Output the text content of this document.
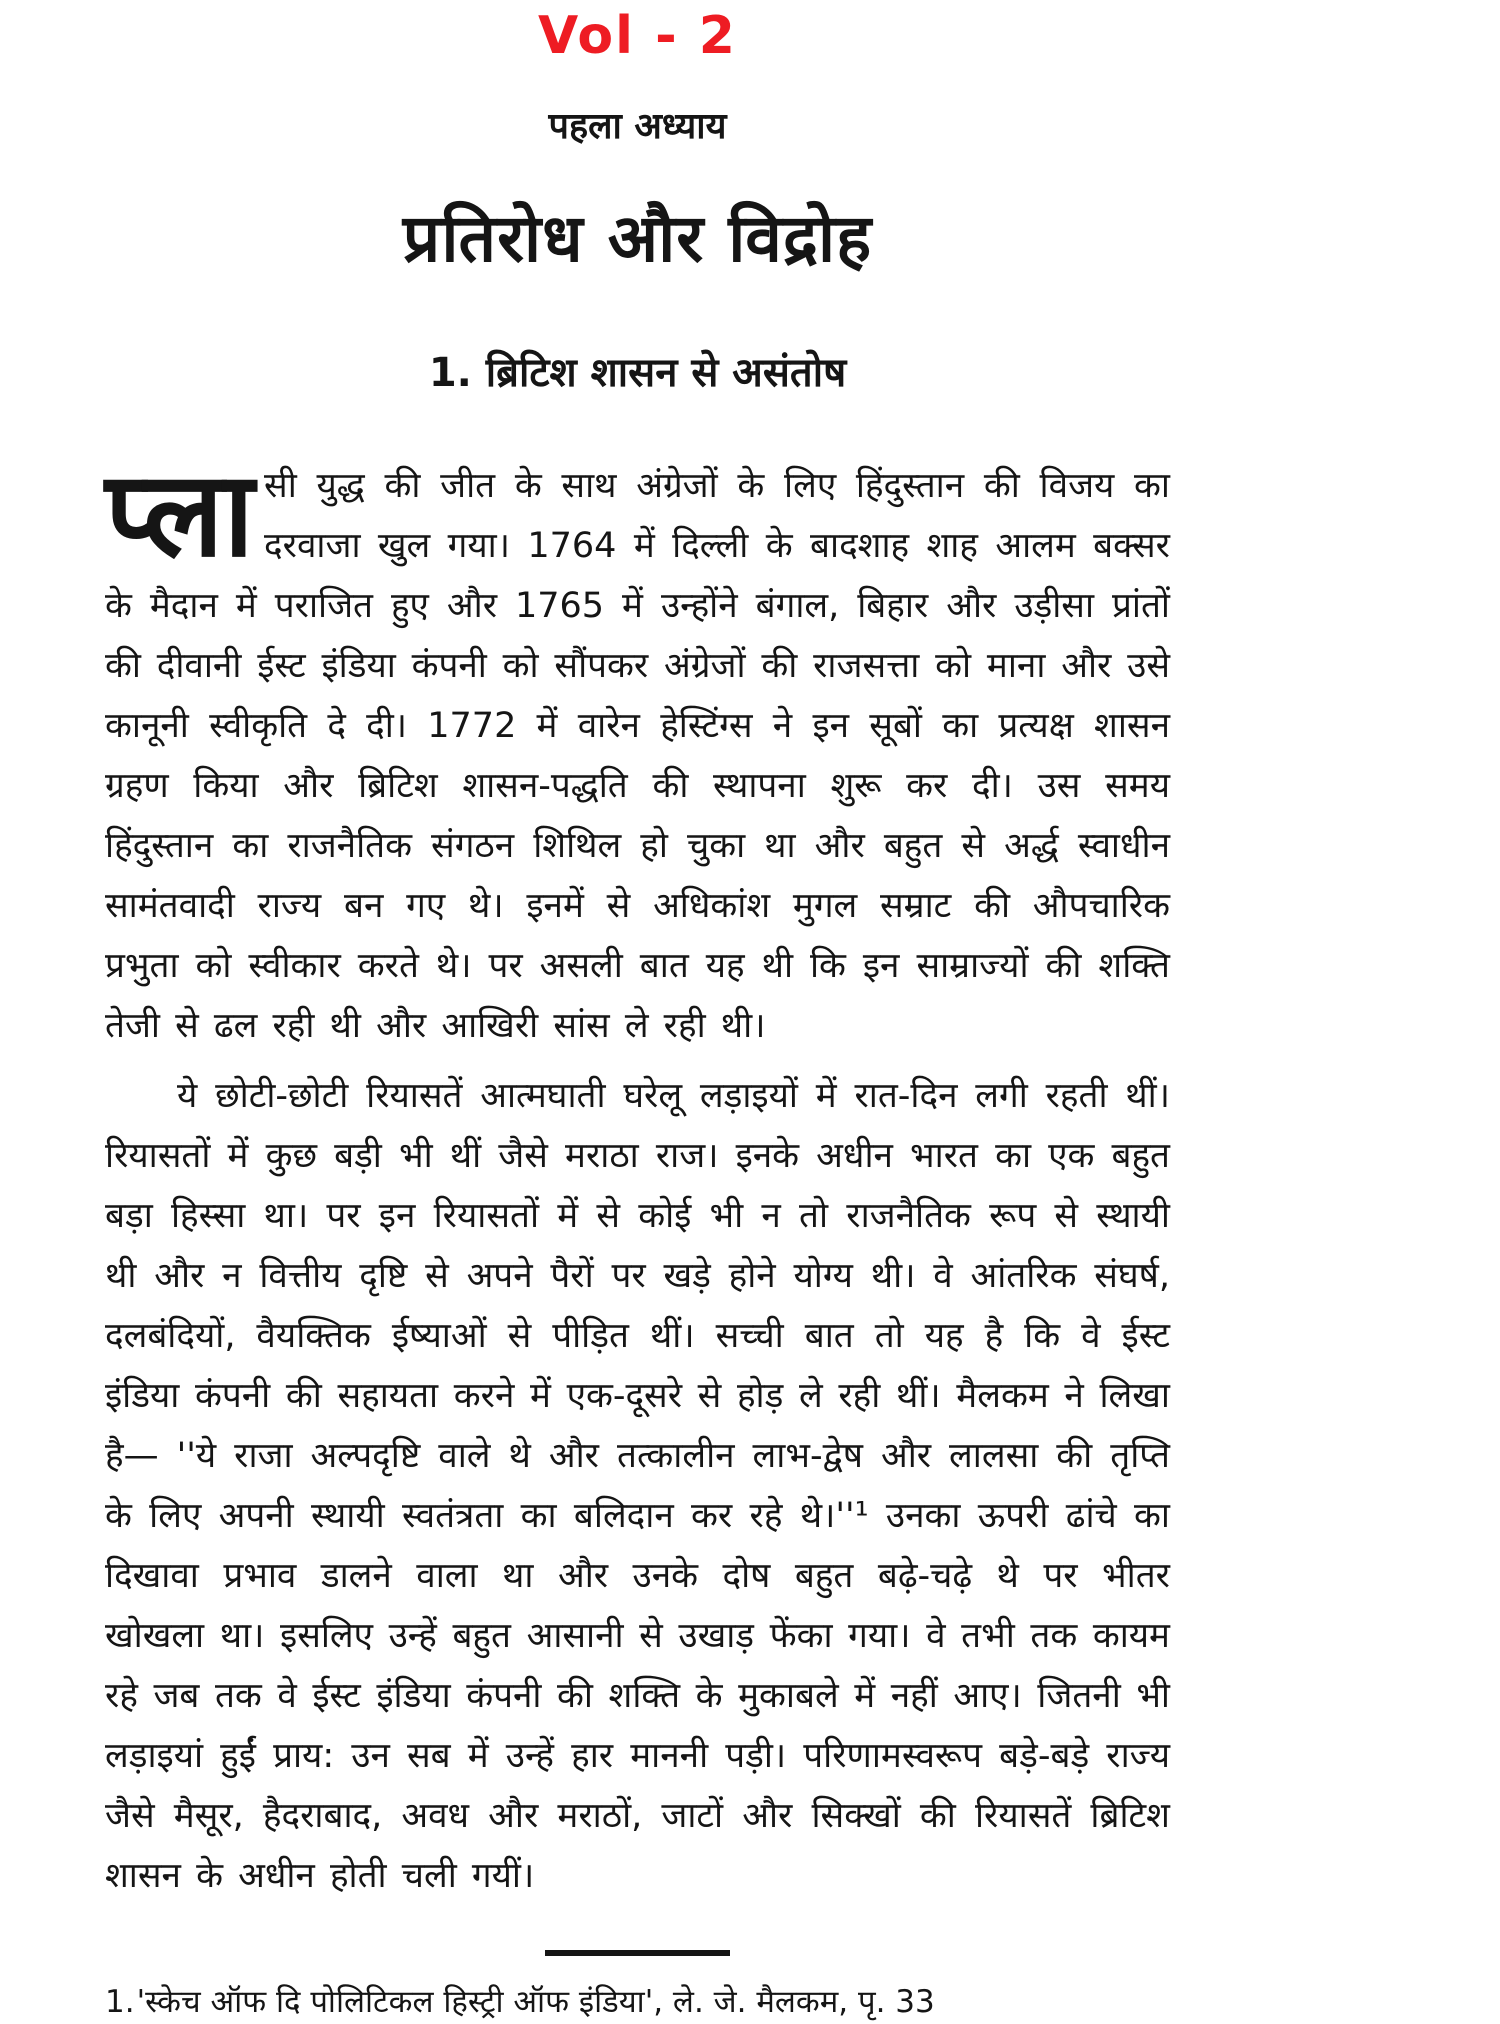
Vol - 2
पहला अध्याय
प्रतिरोध और विद्रोह
1. ब्रिटिश शासन से असंतोष

प्ला सी युद्ध की जीत के साथ अंग्रेजों के लिए हिंदुस्तान की विजय का दरवाजा खुल गया। 1764 में दिल्ली के बादशाह शाह आलम बक्सर के मैदान में पराजित हुए और 1765 में उन्होंने बंगाल, बिहार और उड़ीसा प्रांतों की दीवानी ईस्ट इंडिया कंपनी को सौंपकर अंग्रेजों की राजसत्ता को माना और उसे कानूनी स्वीकृति दे दी। 1772 में वारेन हेस्टिंग्स ने इन सूबों का प्रत्यक्ष शासन ग्रहण किया और ब्रिटिश शासन-पद्धति की स्थापना शुरू कर दी। उस समय हिंदुस्तान का राजनैतिक संगठन शिथिल हो चुका था और बहुत से अर्द्ध स्वाधीन सामंतवादी राज्य बन गए थे। इनमें से अधिकांश मुगल सम्राट की औपचारिक प्रभुता को स्वीकार करते थे। पर असली बात यह थी कि इन साम्राज्यों की शक्ति तेजी से ढल रही थी और आखिरी सांस ले रही थी।

ये छोटी-छोटी रियासतें आत्मघाती घरेलू लड़ाइयों में रात-दिन लगी रहती थीं। रियासतों में कुछ बड़ी भी थीं जैसे मराठा राज। इनके अधीन भारत का एक बहुत बड़ा हिस्सा था। पर इन रियासतों में से कोई भी न तो राजनैतिक रूप से स्थायी थी और न वित्तीय दृष्टि से अपने पैरों पर खड़े होने योग्य थी। वे आंतरिक संघर्ष, दलबंदियों, वैयक्तिक ईष्याओं से पीड़ित थीं। सच्ची बात तो यह है कि वे ईस्ट इंडिया कंपनी की सहायता करने में एक-दूसरे से होड़ ले रही थीं। मैलकम ने लिखा है— ''ये राजा अल्पदृष्टि वाले थे और तत्कालीन लाभ-द्वेष और लालसा की तृप्ति के लिए अपनी स्थायी स्वतंत्रता का बलिदान कर रहे थे।''¹ उनका ऊपरी ढांचे का दिखावा प्रभाव डालने वाला था और उनके दोष बहुत बढ़े-चढ़े थे पर भीतर खोखला था। इसलिए उन्हें बहुत आसानी से उखाड़ फेंका गया। वे तभी तक कायम रहे जब तक वे ईस्ट इंडिया कंपनी की शक्ति के मुकाबले में नहीं आए। जितनी भी लड़ाइयां हुईं प्राय: उन सब में उन्हें हार माननी पड़ी। परिणामस्वरूप बड़े-बड़े राज्य जैसे मैसूर, हैदराबाद, अवध और मराठों, जाटों और सिक्खों की रियासतें ब्रिटिश शासन के अधीन होती चली गयीं।

1.'स्केच ऑफ दि पोलिटिकल हिस्ट्री ऑफ इंडिया', ले. जे. मैलकम, पृ. 33
